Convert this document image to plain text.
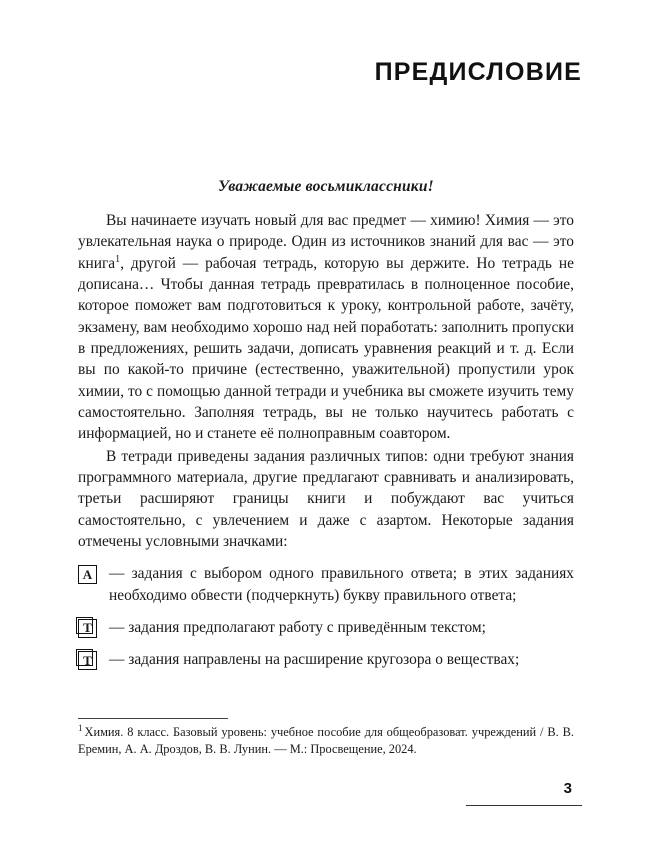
ПРЕДИСЛОВИЕ

Уважаемые восьмиклассники!

Вы начинаете изучать новый для вас предмет — химию! Химия — это увлекательная наука о природе. Один из источников знаний для вас — это книга$^1$, другой — рабочая тетрадь, которую вы держите. Но тетрадь не дописана… Чтобы данная тетрадь превратилась в полноценное пособие, которое поможет вам подготовиться к уроку, контрольной работе, зачёту, экзамену, вам необходимо хорошо над ней поработать: заполнить пропуски в предложениях, решить задачи, дописать уравнения реакций и т. д. Если вы по какой-то причине (естественно, уважительной) пропустили урок химии, то с помощью данной тетради и учебника вы сможете изучить тему самостоятельно. Заполняя тетрадь, вы не только научитесь работать с информацией, но и станете её полноправным соавтором.

В тетради приведены задания различных типов: одни требуют знания программного материала, другие предлагают сравнивать и анализировать, третьи расширяют границы книги и побуждают вас учиться самостоятельно, с увлечением и даже с азартом. Некоторые задания отмечены условными значками:

А	— задания с выбором одного правильного ответа; в этих заданиях необходимо обвести (подчеркнуть) букву правильного ответа;
Т	— задания предполагают работу с приведённым текстом;
Т	— задания направлены на расширение кругозора о веществах;
$^1$ Химия. 8 класс. Базовый уровень: учебное пособие для общеобразоват. учреждений / В. В. Еремин, А. А. Дроздов, В. В. Лунин. — М.: Просвещение, 2024.
3
